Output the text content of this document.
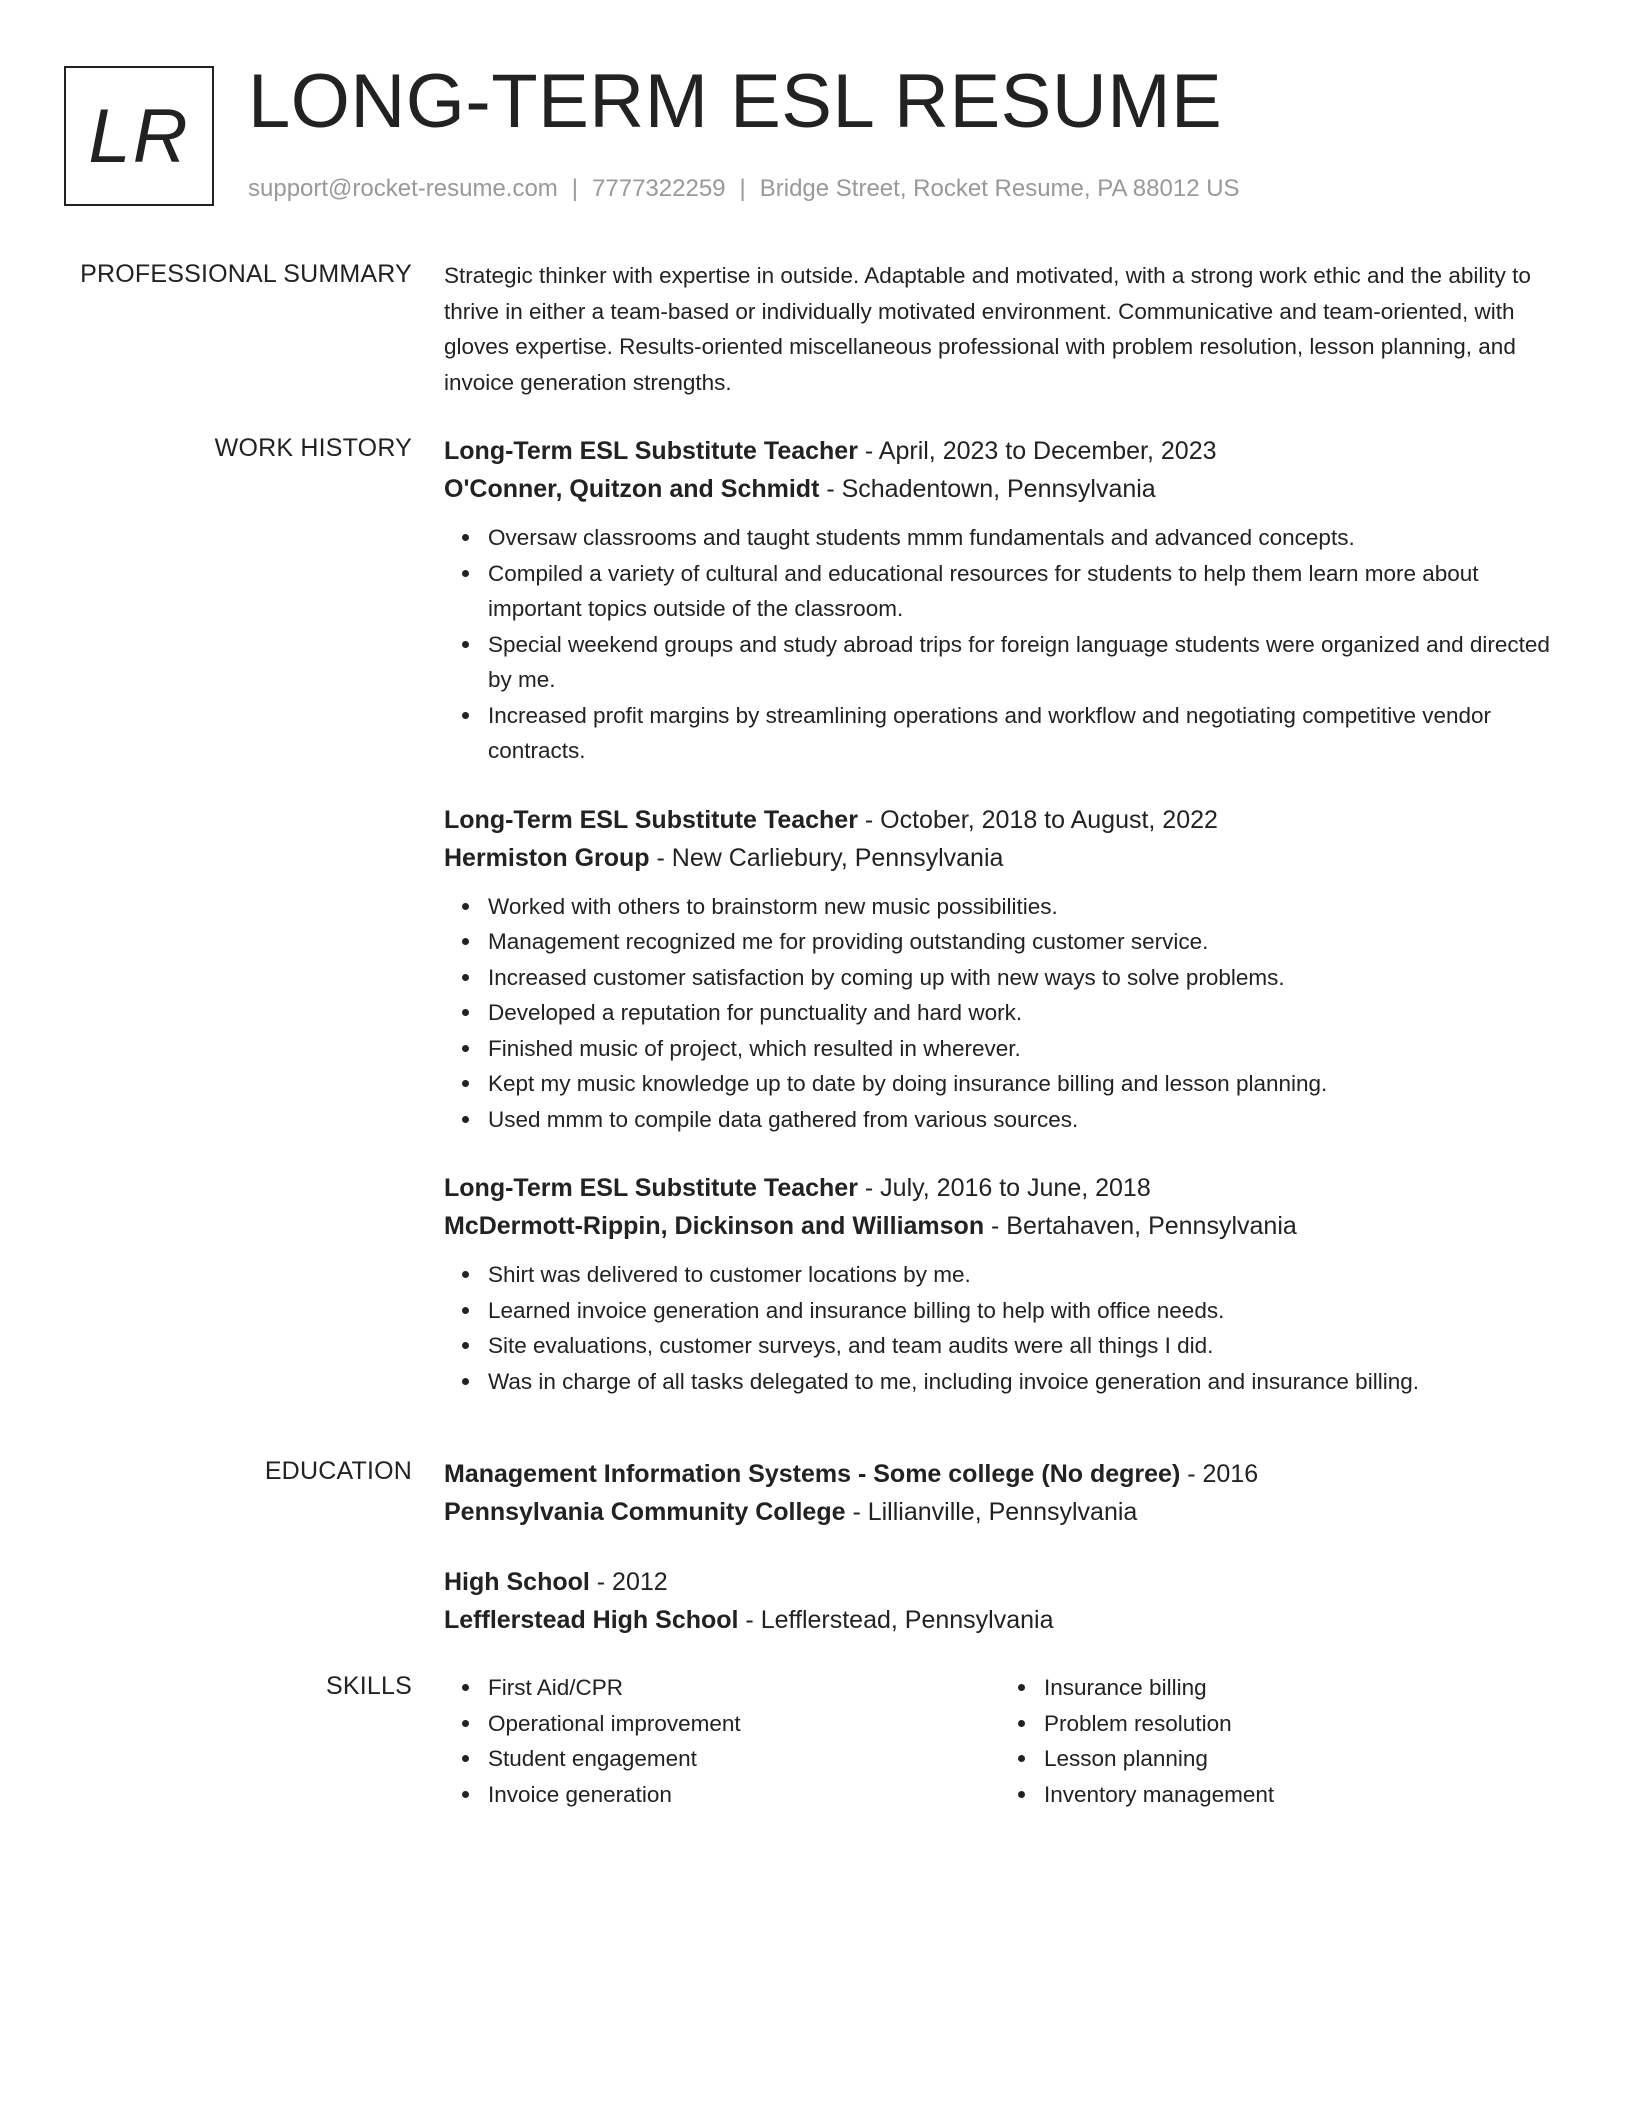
LR LONG-TERM ESL RESUME
support@rocket-resume.com | 7777322259 | Bridge Street, Rocket Resume, PA 88012 US
PROFESSIONAL SUMMARY Strategic thinker with expertise in outside. Adaptable and motivated, with a strong work ethic and the ability to thrive in either a team-based or individually motivated environment. Communicative and team-oriented, with gloves expertise. Results-oriented miscellaneous professional with problem resolution, lesson planning, and invoice generation strengths.

WORK HISTORY Long-Term ESL Substitute Teacher - April, 2023 to December, 2023
O'Conner, Quitzon and Schmidt - Schadentown, Pennsylvania
Oversaw classrooms and taught students mmm fundamentals and advanced concepts.
Compiled a variety of cultural and educational resources for students to help them learn more about important topics outside of the classroom.
Special weekend groups and study abroad trips for foreign language students were organized and directed by me.
Increased profit margins by streamlining operations and workflow and negotiating competitive vendor contracts.
Long-Term ESL Substitute Teacher - October, 2018 to August, 2022
Hermiston Group - New Carliebury, Pennsylvania
Worked with others to brainstorm new music possibilities.
Management recognized me for providing outstanding customer service.
Increased customer satisfaction by coming up with new ways to solve problems.
Developed a reputation for punctuality and hard work.
Finished music of project, which resulted in wherever.
Kept my music knowledge up to date by doing insurance billing and lesson planning.
Used mmm to compile data gathered from various sources.
Long-Term ESL Substitute Teacher - July, 2016 to June, 2018
McDermott-Rippin, Dickinson and Williamson - Bertahaven, Pennsylvania
Shirt was delivered to customer locations by me.
Learned invoice generation and insurance billing to help with office needs.
Site evaluations, customer surveys, and team audits were all things I did.
Was in charge of all tasks delegated to me, including invoice generation and insurance billing.
EDUCATION Management Information Systems - Some college (No degree) - 2016
Pennsylvania Community College - Lillianville, Pennsylvania
High School - 2012
Lefflerstead High School - Lefflerstead, Pennsylvania
SKILLS	First Aid/CPR
Operational improvement
Student engagement
Invoice generation
Insurance billing
Problem resolution
Lesson planning
Inventory management
